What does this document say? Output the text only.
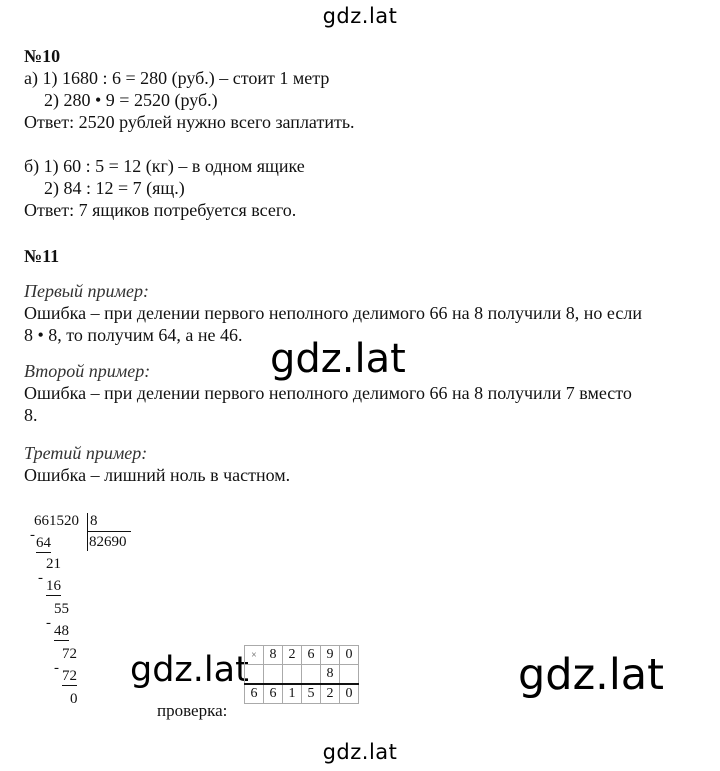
gdz.lat
gdz.lat
gdz.lat	gdz.lat
gdz.lat
№10
а) 1) 1680 : 6 = 280 (руб.) – стоит 1 метр
2) 280 • 9 = 2520 (руб.)
Ответ: 2520 рублей нужно всего заплатить.
б) 1) 60 : 5 = 12 (кг) – в одном ящике
2) 84 : 12 = 7 (ящ.)
Ответ: 7 ящиков потребуется всего.
№11
Первый пример:
Ошибка – при делении первого неполного делимого 66 на 8 получили 8, но если
8 • 8, то получим 64, а не 46.
Второй пример:
Ошибка – при делении первого неполного делимого 66 на 8 получили 7 вместо
8.
Третий пример:
Ошибка – лишний ноль в частном.
661520 8
82690
- 64
21
- 16
55
- 48
72
- 72
0
проверка:
×	8	2	6	9	0
				8	
6	6	1	5	2	0
